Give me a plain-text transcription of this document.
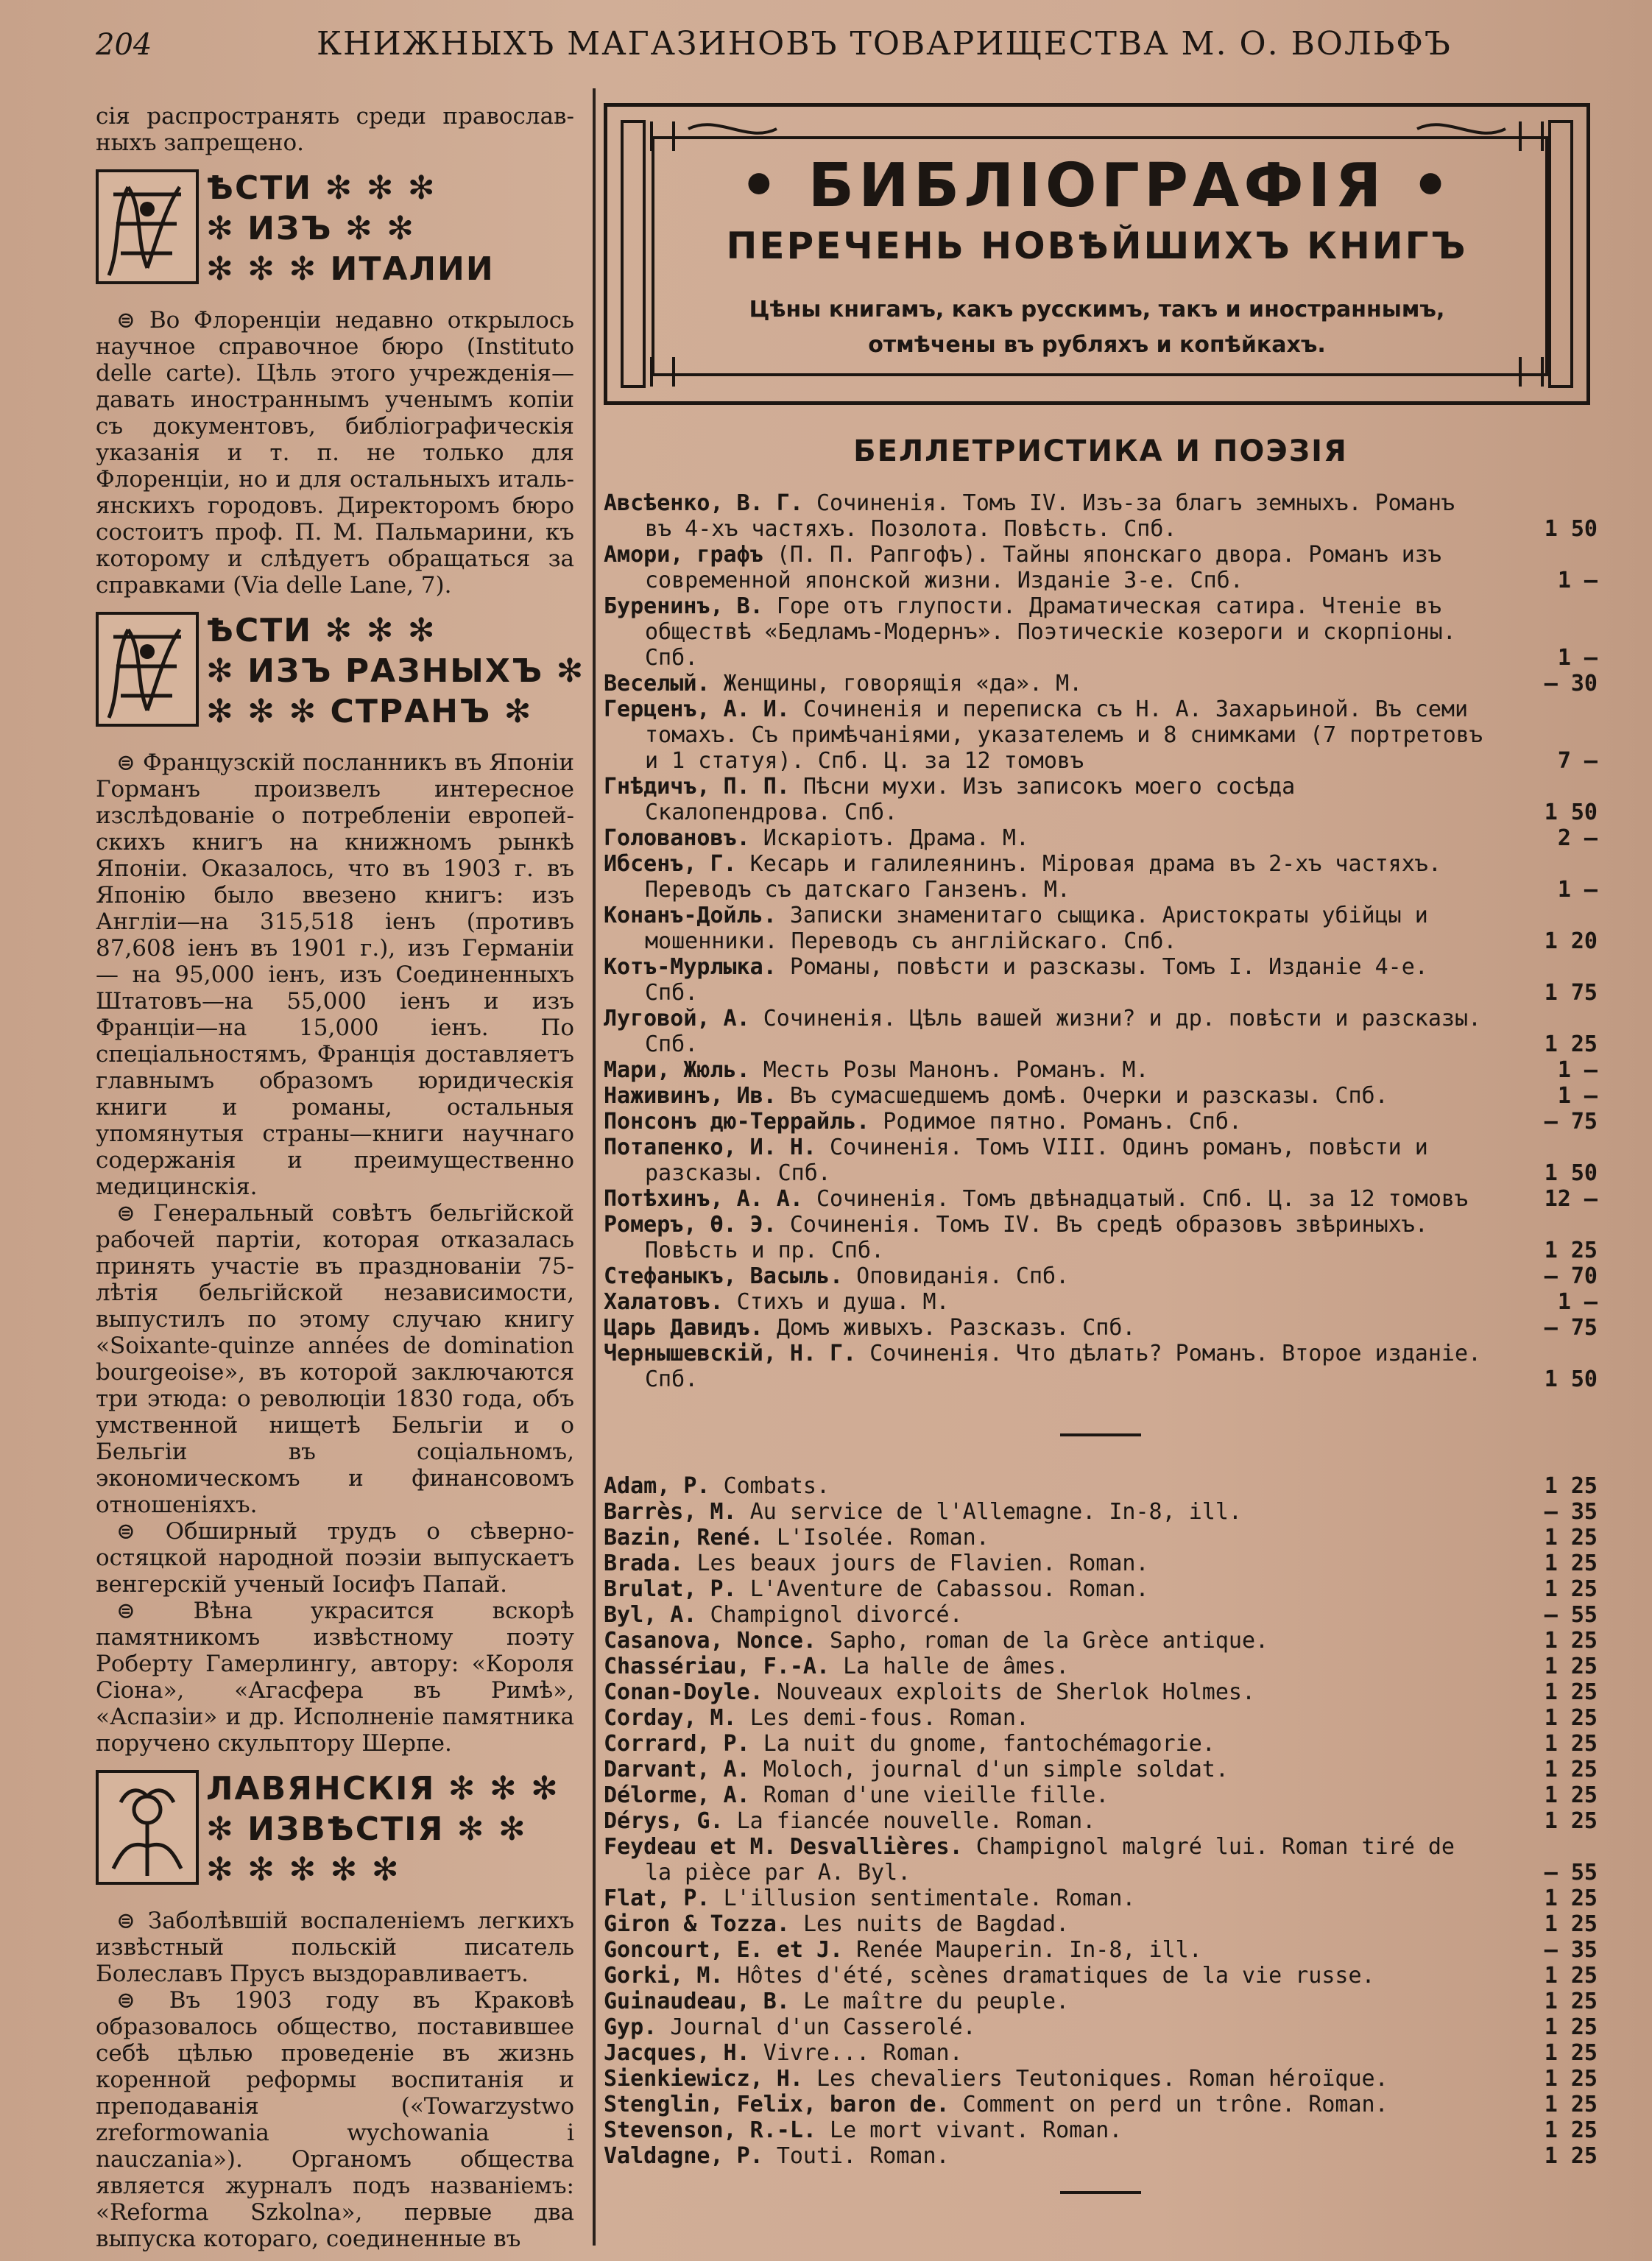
204	КНИЖНЫХЪ МАГАЗИНОВЪ ТОВАРИЩЕСТВА М. О. ВОЛЬФЪ

сія распространять среди православ-ныхъ запрещено.

ѢСТИ ✻ ✻ ✻
✻ ИЗЪ ✻ ✻
✻ ✻ ✻ ИТАЛИИ

⊜ Во Флоренціи недавно открылось научное справочное бюро (Instituto delle carte). Цѣль этого учрежденія—давать иностраннымъ ученымъ копіи съ документовъ, библіографическія указанія и т. п. не только для Флоренціи, но и для остальныхъ италь-янскихъ городовъ. Директоромъ бюро состоитъ проф. П. М. Пальмарини, къ которому и слѣдуетъ обращаться за справками (Via delle Lane, 7).

ѢСТИ ✻ ✻ ✻
✻ ИЗЪ РАЗНЫХЪ ✻
✻ ✻ ✻ СТРАНЪ ✻

⊜ Французскій посланникъ въ Японіи Горманъ произвелъ интересное изслѣдованіе о потребленіи европей-скихъ книгъ на книжномъ рынкѣ Японіи. Оказалось, что въ 1903 г. въ Японію было ввезено книгъ: изъ Англіи—на 315,518 іенъ (противъ 87,608 іенъ въ 1901 г.), изъ Германіи — на 95,000 іенъ, изъ Соединенныхъ Штатовъ—на 55,000 іенъ и изъ Франціи—на 15,000 іенъ. По спеціальностямъ, Франція доставляетъ главнымъ образомъ юридическія книги и романы, остальныя упомянутыя страны—книги научнаго содержанія и преимущественно медицинскія.

⊜ Генеральный совѣтъ бельгійской рабочей партіи, которая отказалась принять участіе въ празднованіи 75-лѣтія бельгійской независимости, выпустилъ по этому случаю книгу «Soixante-quinze années de domination bourgeoise», въ которой заключаются три этюда: о революціи 1830 года, объ умственной нищетѣ Бельгіи и о Бельгіи въ соціальномъ, экономическомъ и финансовомъ отношеніяхъ.

⊜ Обширный трудъ о сѣверно-остяцкой народной поэзіи выпускаетъ венгерскій ученый Іосифъ Папай.

⊜ Вѣна украсится вскорѣ памятникомъ извѣстному поэту Роберту Гамерлингу, автору: «Короля Сіона», «Агасфера въ Римѣ», «Аспазіи» и др. Исполненіе памятника поручено скульптору Шерпе.

ЛАВЯНСКІЯ ✻ ✻ ✻
✻ ИЗВѢСТІЯ ✻ ✻
✻ ✻ ✻ ✻ ✻

⊜ Заболѣвшій воспаленіемъ легкихъ извѣстный польскій писатель Болеславъ Прусъ выздоравливаетъ.

⊜ Въ 1903 году въ Краковѣ образовалось общество, поставившее себѣ цѣлью проведеніе въ жизнь коренной реформы воспитанія и преподаванія («Towarzystwo zreformowania wychowania i nauczania»). Органомъ общества является журналъ подъ названіемъ: «Reforma Szkolna», первые два выпуска котораго, соединенные въ

• БИБЛІОГРАФІЯ •
ПЕРЕЧЕНЬ НОВѢЙШИХЪ КНИГЪ
Цѣны книгамъ, какъ русскимъ, такъ и иностраннымъ,
отмѣчены въ рубляхъ и копѣйкахъ.
БЕЛЛЕТРИСТИКА И ПОЭЗІЯ

Авсѣенко, В. Г. Сочиненія. Томъ IV. Изъ-за благъ земныхъ. Романъ въ 4-хъ частяхъ. Позолота. Повѣсть. Спб.	1 50

Амори, графъ (П. П. Рапгофъ). Тайны японскаго двора. Романъ изъ современной японской жизни. Изданіе 3-е. Спб.	1 —

Буренинъ, В. Горе отъ глупости. Драматическая сатира. Чтеніе въ обществѣ «Бедламъ-Модернъ». Поэтическіе козероги и скорпіоны. Спб.	1 —

Веселый. Женщины, говорящія «да». М.	— 30

Герценъ, А. И. Сочиненія и переписка съ Н. А. Захарьиной. Въ семи томахъ. Съ примѣчаніями, указателемъ и 8 снимками (7 портретовъ и 1 статуя). Спб. Ц. за 12 томовъ	7 —

Гнѣдичъ, П. П. Пѣсни мухи. Изъ записокъ моего сосѣда Скалопендрова. Спб.	1 50

Головановъ. Искаріотъ. Драма. М.	2 —

Ибсенъ, Г. Кесарь и галилеянинъ. Міровая драма въ 2-хъ частяхъ. Переводъ съ датскаго Ганзенъ. М.	1 —

Конанъ-Дойль. Записки знаменитаго сыщика. Аристократы убійцы и мошенники. Переводъ съ англійскаго. Спб.	1 20

Котъ-Мурлыка. Романы, повѣсти и разсказы. Томъ I. Изданіе 4-е. Спб.	1 75

Луговой, А. Сочиненія. Цѣль вашей жизни? и др. повѣсти и разсказы. Спб.	1 25

Мари, Жюль. Месть Розы Манонъ. Романъ. М.	1 —

Наживинъ, Ив. Въ сумасшедшемъ домѣ. Очерки и разсказы. Спб.	1 —

Понсонъ дю-Террайль. Родимое пятно. Романъ. Спб.	— 75

Потапенко, И. Н. Сочиненія. Томъ VIII. Одинъ романъ, повѣсти и разсказы. Спб.	1 50

Потѣхинъ, А. А. Сочиненія. Томъ двѣнадцатый. Спб. Ц. за 12 томовъ	12 —

Ромеръ, Ѳ. Э. Сочиненія. Томъ IV. Въ средѣ образовъ звѣриныхъ. Повѣсть и пр. Спб.	1 25

Стефаныкъ, Васыль. Оповиданія. Спб.	— 70

Халатовъ. Стихъ и душа. М.	1 —

Царь Давидъ. Домъ живыхъ. Разсказъ. Спб.	— 75

Чернышевскій, Н. Г. Сочиненія. Что дѣлать? Романъ. Второе изданіе. Спб.	1 50

Adam, P. Combats.	1 25

Barrès, M. Au service de l'Allemagne. In-8, ill.	— 35

Bazin, René. L'Isolée. Roman.	1 25

Brada. Les beaux jours de Flavien. Roman.	1 25

Brulat, P. L'Aventure de Cabassou. Roman.	1 25

Byl, A. Champignol divorcé.	— 55

Casanova, Nonce. Sapho, roman de la Grèce antique.	1 25

Chassériau, F.-A. La halle de âmes.	1 25

Conan-Doyle. Nouveaux exploits de Sherlok Holmes.	1 25

Corday, M. Les demi-fous. Roman.	1 25

Corrard, P. La nuit du gnome, fantochémagorie.	1 25

Darvant, A. Moloch, journal d'un simple soldat.	1 25

Délorme, A. Roman d'une vieille fille.	1 25

Dérys, G. La fiancée nouvelle. Roman.	1 25

Feydeau et M. Desvallières. Champignol malgré lui. Roman tiré de la pièce par A. Byl.	— 55

Flat, P. L'illusion sentimentale. Roman.	1 25

Giron & Tozza. Les nuits de Bagdad.	1 25

Goncourt, E. et J. Renée Mauperin. In-8, ill.	— 35

Gorki, M. Hôtes d'été, scènes dramatiques de la vie russe.	1 25

Guinaudeau, B. Le maître du peuple.	1 25

Gyp. Journal d'un Casserolé.	1 25

Jacques, H. Vivre... Roman.	1 25

Sienkiewicz, H. Les chevaliers Teutoniques. Roman héroïque.	1 25

Stenglin, Felix, baron de. Comment on perd un trône. Roman.	1 25

Stevenson, R.-L. Le mort vivant. Roman.	1 25

Valdagne, P. Touti. Roman.	1 25
